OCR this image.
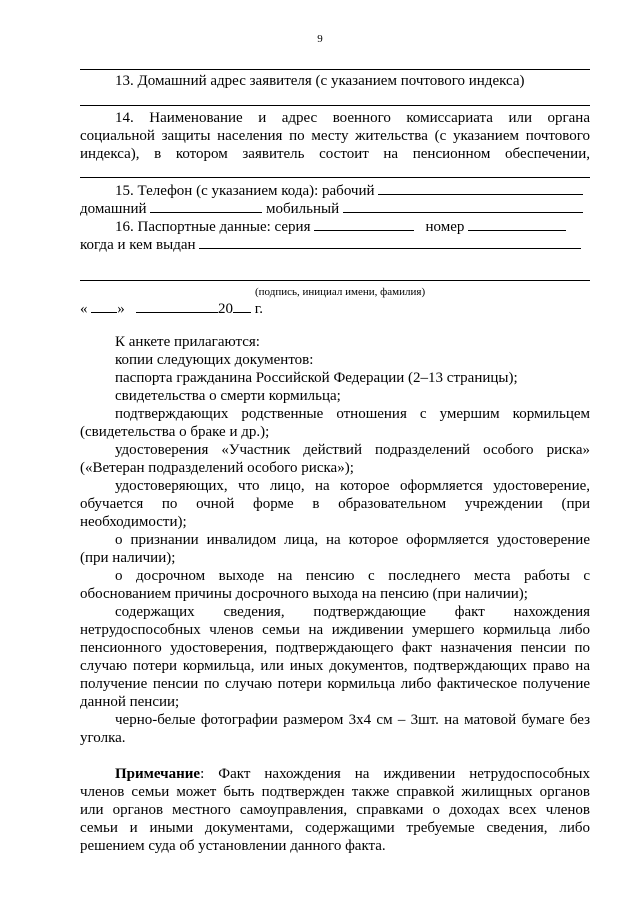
9
13. Домашний адрес заявителя (с указанием почтового индекса)
14. Наименование и адрес военного комиссариата или органа
социальной защиты населения по месту жительства (с указанием почтового
индекса), в котором заявитель состоит на пенсионном обеспечении,
15. Телефон (с указанием кода): рабочий
домашний	мобильный
16. Паспортные данные: серия	номер
когда и кем выдан
(подпись, инициал имени, фамилия)
« »	20 г.
К анкете прилагаются:
копии следующих документов:
паспорта гражданина Российской Федерации (2–13 страницы);
свидетельства о смерти кормильца;
подтверждающих родственные отношения с умершим кормильцем
(свидетельства о браке и др.);
удостоверения «Участник действий подразделений особого риска»
(«Ветеран подразделений особого риска»);
удостоверяющих, что лицо, на которое оформляется удостоверение,
обучается по очной форме в образовательном учреждении (при
необходимости);
о признании инвалидом лица, на которое оформляется удостоверение
(при наличии);
о досрочном выходе на пенсию с последнего места работы с
обоснованием причины досрочного выхода на пенсию (при наличии);
содержащих сведения, подтверждающие факт нахождения
нетрудоспособных членов семьи на иждивении умершего кормильца либо
пенсионного удостоверения, подтверждающего факт назначения пенсии по
случаю потери кормильца, или иных документов, подтверждающих право на
получение пенсии по случаю потери кормильца либо фактическое получение
данной пенсии;
черно-белые фотографии размером 3х4 см – 3шт. на матовой бумаге без
уголка.
Примечание: Факт нахождения на иждивении нетрудоспособных
членов семьи может быть подтвержден также справкой жилищных органов
или органов местного самоуправления, справками о доходах всех членов
семьи и иными документами, содержащими требуемые сведения, либо
решением суда об установлении данного факта.
